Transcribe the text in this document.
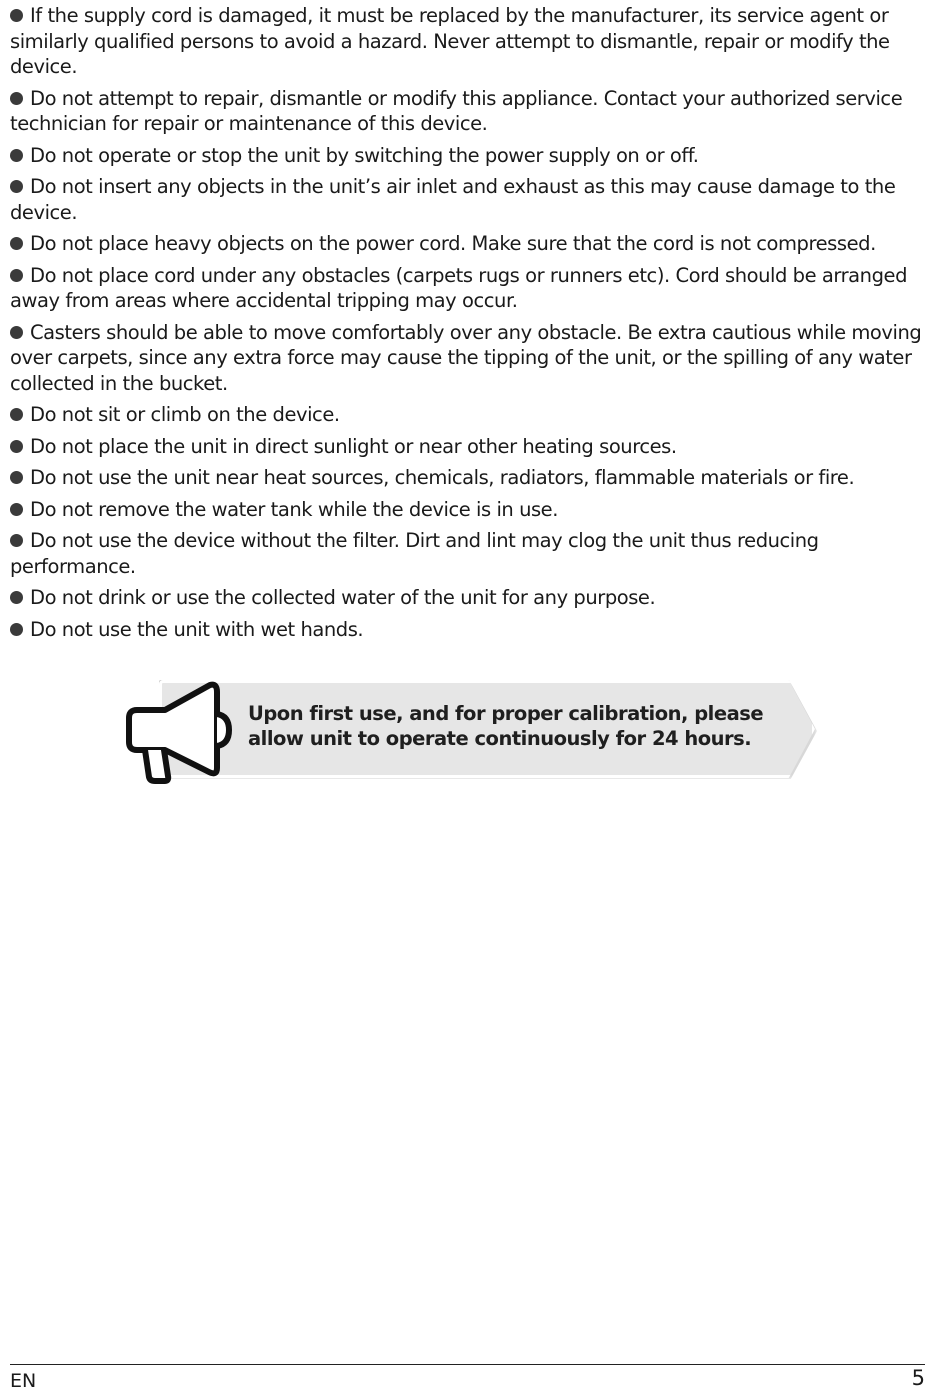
If the supply cord is damaged, it must be replaced by the manufacturer, its service agent or similarly qualified persons to avoid a hazard. Never attempt to dismantle, repair or modify the device.
Do not attempt to repair, dismantle or modify this appliance. Contact your authorized service technician for repair or maintenance of this device.
Do not operate or stop the unit by switching the power supply on or off.
Do not insert any objects in the unit’s air inlet and exhaust as this may cause damage to the device.
Do not place heavy objects on the power cord. Make sure that the cord is not compressed.
Do not place cord under any obstacles (carpets rugs or runners etc). Cord should be arranged away from areas where accidental tripping may occur.
Casters should be able to move comfortably over any obstacle. Be extra cautious while moving over carpets, since any extra force may cause the tipping of the unit, or the spilling of any water collected in the bucket.
Do not sit or climb on the device.
Do not place the unit in direct sunlight or near other heating sources.
Do not use the unit near heat sources, chemicals, radiators, flammable materials or fire.
Do not remove the water tank while the device is in use.
Do not use the device without the filter. Dirt and lint may clog the unit thus reducing performance.
Do not drink or use the collected water of the unit for any purpose.
Do not use the unit with wet hands.
Upon first use, and for proper calibration, please
allow unit to operate continuously for 24 hours.
EN	5
